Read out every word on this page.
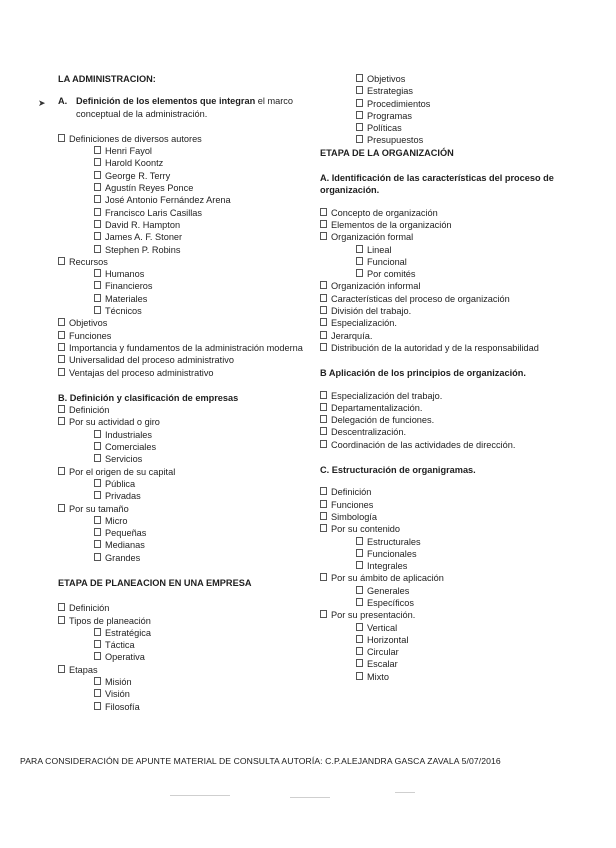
➤
LA ADMINISTRACION:
A. Definición de los elementos que integran el marco conceptual de la administración.
Definiciones de diversos autores
Henri Fayol
Harold Koontz
George R. Terry
Agustín Reyes Ponce
José Antonio Fernández Arena
Francisco Laris Casillas
David R. Hampton
James A. F. Stoner
Stephen P. Robins
Recursos
Humanos
Financieros
Materiales
Técnicos
Objetivos
Funciones
Importancia y fundamentos de la administración moderna
Universalidad del proceso administrativo
Ventajas del proceso administrativo
B. Definición y clasificación de empresas
Definición
Por su actividad o giro
Industriales
Comerciales
Servicios
Por el origen de su capital
Pública
Privadas
Por su tamaño
Micro
Pequeñas
Medianas
Grandes
ETAPA DE PLANEACION EN UNA EMPRESA
Definición
Tipos de planeación
Estratégica
Táctica
Operativa
Etapas
Misión
Visión
Filosofía
Objetivos
Estrategias
Procedimientos
Programas
Políticas
Presupuestos
ETAPA DE LA ORGANIZACIÓN
A. Identificación de las características del proceso de organización.
Concepto de organización
Elementos de la organización
Organización formal
Lineal
Funcional
Por comités
Organización informal
Características del proceso de organización
División del trabajo.
Especialización.
Jerarquía.
Distribución de la autoridad y de la responsabilidad
B Aplicación de los principios de organización.
Especialización del trabajo.
Departamentalización.
Delegación de funciones.
Descentralización.
Coordinación de las actividades de dirección.
C. Estructuración de organigramas.
Definición
Funciones
Simbología
Por su contenido
Estructurales
Funcionales
Integrales
Por su ámbito de aplicación
Generales
Específicos
Por su presentación.
Vertical
Horizontal
Circular
Escalar
Mixto
PARA CONSIDERACIÓN DE APUNTE MATERIAL DE CONSULTA AUTORÍA: C.P.ALEJANDRA GASCA ZAVALA 5/07/2016
